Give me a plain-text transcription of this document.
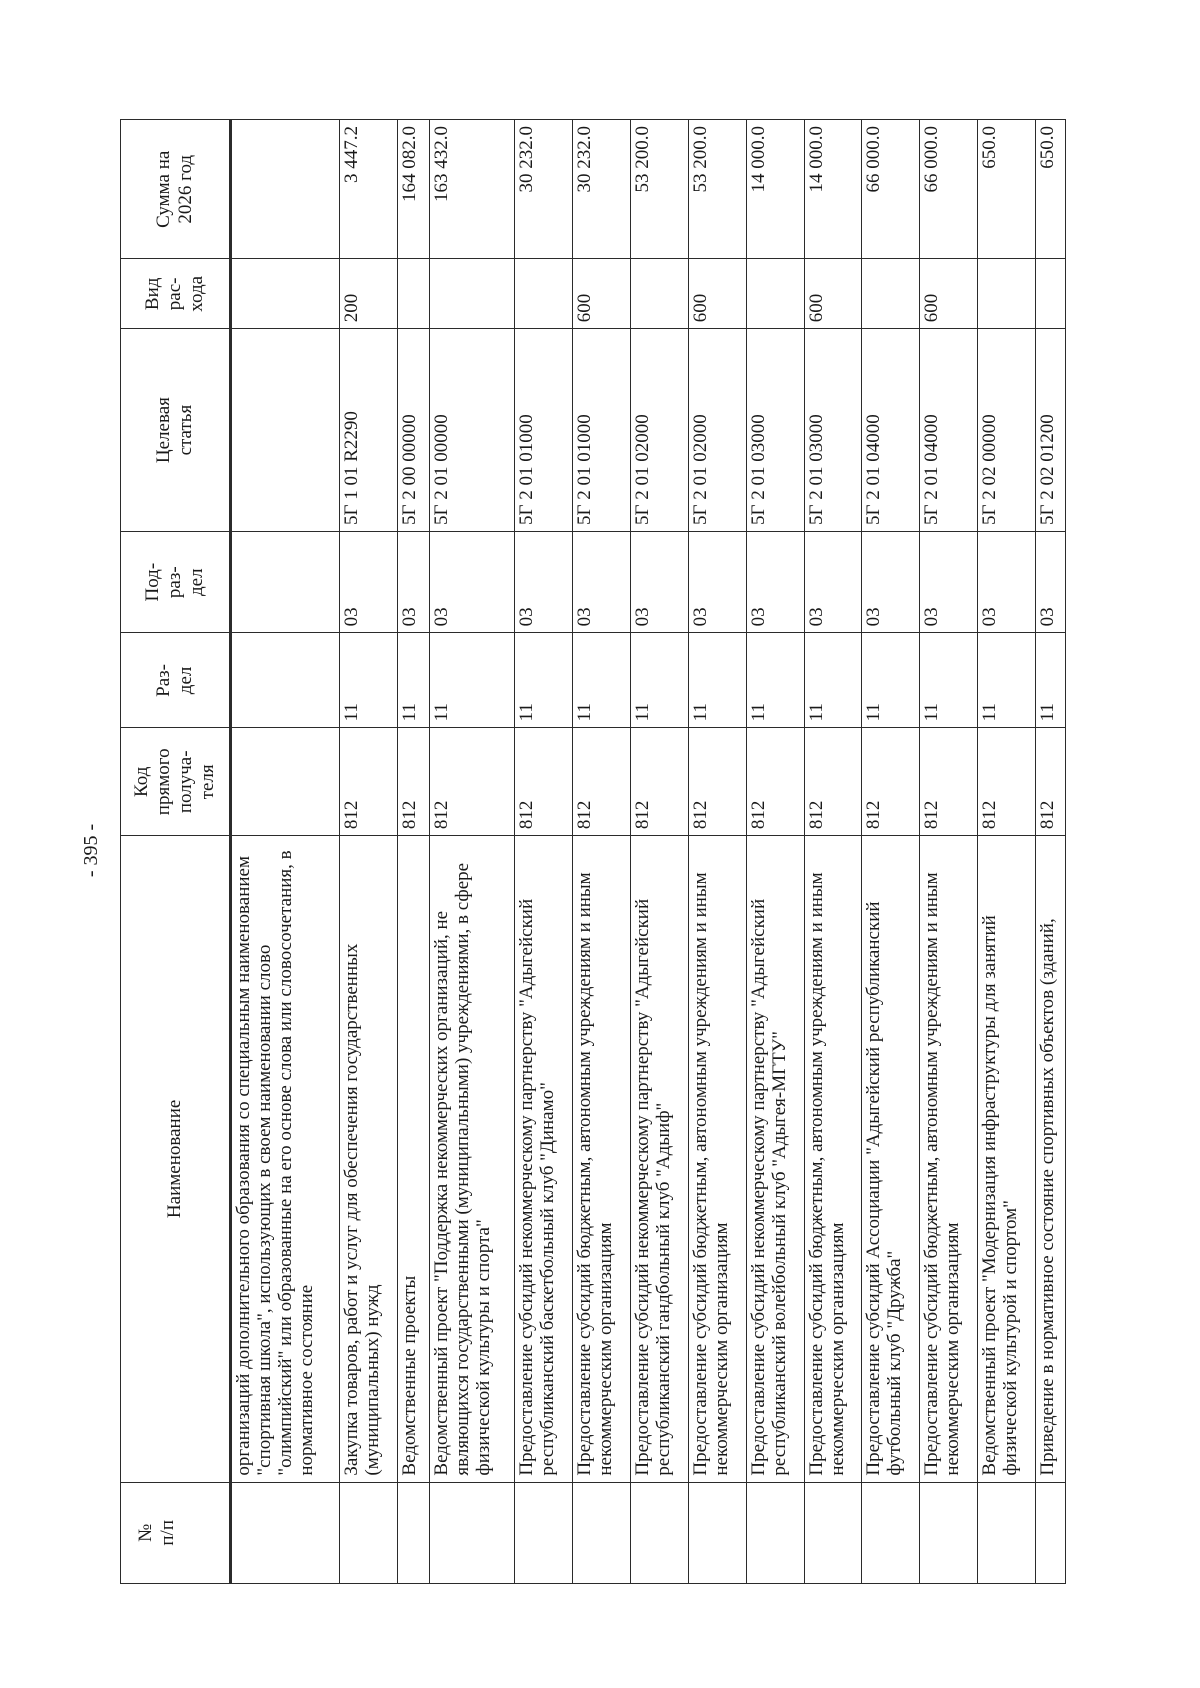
- 395 -
№
п/п	Наименование	Код
прямого
получа-
теля	Раз-
дел	Под-
раз-
дел	Целевая
статья	Вид
рас-
хода	Сумма на
2026 год
	организаций дополнительного образования со специальным наименованием "спортивная школа", использующих в своем наименовании слово "олимпийский" или образованные на его основе слова или словосочетания, в нормативное состояние						
	Закупка товаров, работ и услуг для обеспечения государственных (муниципальных) нужд	812	11	03	5Г 1 01 R2290	200	3 447.2
	Ведомственные проекты	812	11	03	5Г 2 00 00000		164 082.0
	Ведомственный проект "Поддержка некоммерческих организаций, не являющихся государственными (муниципальными) учреждениями, в сфере физической культуры и спорта"	812	11	03	5Г 2 01 00000		163 432.0
	Предоставление субсидий некоммерческому партнерству "Адыгейский республиканский баскетбольный клуб "Динамо"	812	11	03	5Г 2 01 01000		30 232.0
	Предоставление субсидий бюджетным, автономным учреждениям и иным некоммерческим организациям	812	11	03	5Г 2 01 01000	600	30 232.0
	Предоставление субсидий некоммерческому партнерству "Адыгейский республиканский гандбольный клуб "Адыиф"	812	11	03	5Г 2 01 02000		53 200.0
	Предоставление субсидий бюджетным, автономным учреждениям и иным некоммерческим организациям	812	11	03	5Г 2 01 02000	600	53 200.0
	Предоставление субсидий некоммерческому партнерству "Адыгейский республиканский волейбольный клуб "Адыгея-МГТУ"	812	11	03	5Г 2 01 03000		14 000.0
	Предоставление субсидий бюджетным, автономным учреждениям и иным некоммерческим организациям	812	11	03	5Г 2 01 03000	600	14 000.0
	Предоставление субсидий Ассоциации "Адыгейский республиканский футбольный клуб "Дружба"	812	11	03	5Г 2 01 04000		66 000.0
	Предоставление субсидий бюджетным, автономным учреждениям и иным некоммерческим организациям	812	11	03	5Г 2 01 04000	600	66 000.0
	Ведомственный проект "Модернизация инфраструктуры для занятий физической культурой и спортом"	812	11	03	5Г 2 02 00000		650.0
	Приведение в нормативное состояние спортивных объектов (зданий,	812	11	03	5Г 2 02 01200		650.0
